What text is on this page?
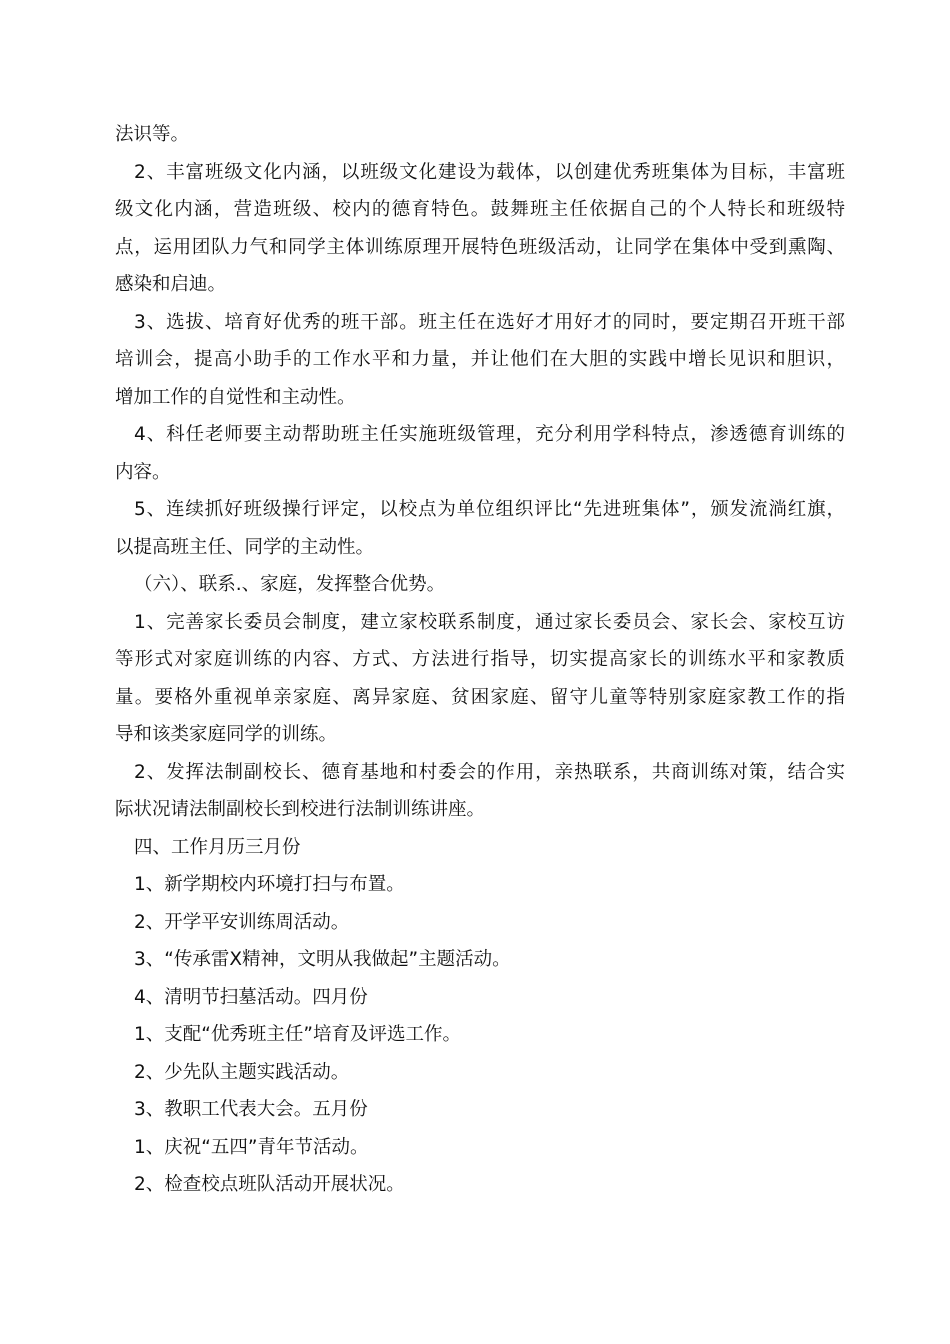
法识等。
2、丰富班级文化内涵，以班级文化建设为载体，以创建优秀班集体为目标，丰富班
级文化内涵，营造班级、校内的德育特色。鼓舞班主任依据自己的个人特长和班级特
点，运用团队力气和同学主体训练原理开展特色班级活动，让同学在集体中受到熏陶、
感染和启迪。
3、选拔、培育好优秀的班干部。班主任在选好才用好才的同时，要定期召开班干部
培训会，提高小助手的工作水平和力量，并让他们在大胆的实践中增长见识和胆识，
增加工作的自觉性和主动性。
4、科任老师要主动帮助班主任实施班级管理，充分利用学科特点，渗透德育训练的
内容。
5、连续抓好班级操行评定，以校点为单位组织评比“先进班集体”，颁发流淌红旗，
以提高班主任、同学的主动性。
（六）、联系.、家庭，发挥整合优势。
1、完善家长委员会制度，建立家校联系制度，通过家长委员会、家长会、家校互访
等形式对家庭训练的内容、方式、方法进行指导，切实提高家长的训练水平和家教质
量。要格外重视单亲家庭、离异家庭、贫困家庭、留守儿童等特别家庭家教工作的指
导和该类家庭同学的训练。
2、发挥法制副校长、德育基地和村委会的作用，亲热联系，共商训练对策，结合实
际状况请法制副校长到校进行法制训练讲座。
四、工作月历三月份
1、新学期校内环境打扫与布置。
2、开学平安训练周活动。
3、“传承雷X精神，文明从我做起”主题活动。
4、清明节扫墓活动。四月份
1、支配“优秀班主任”培育及评选工作。
2、少先队主题实践活动。
3、教职工代表大会。五月份
1、庆祝“五四”青年节活动。
2、检查校点班队活动开展状况。
